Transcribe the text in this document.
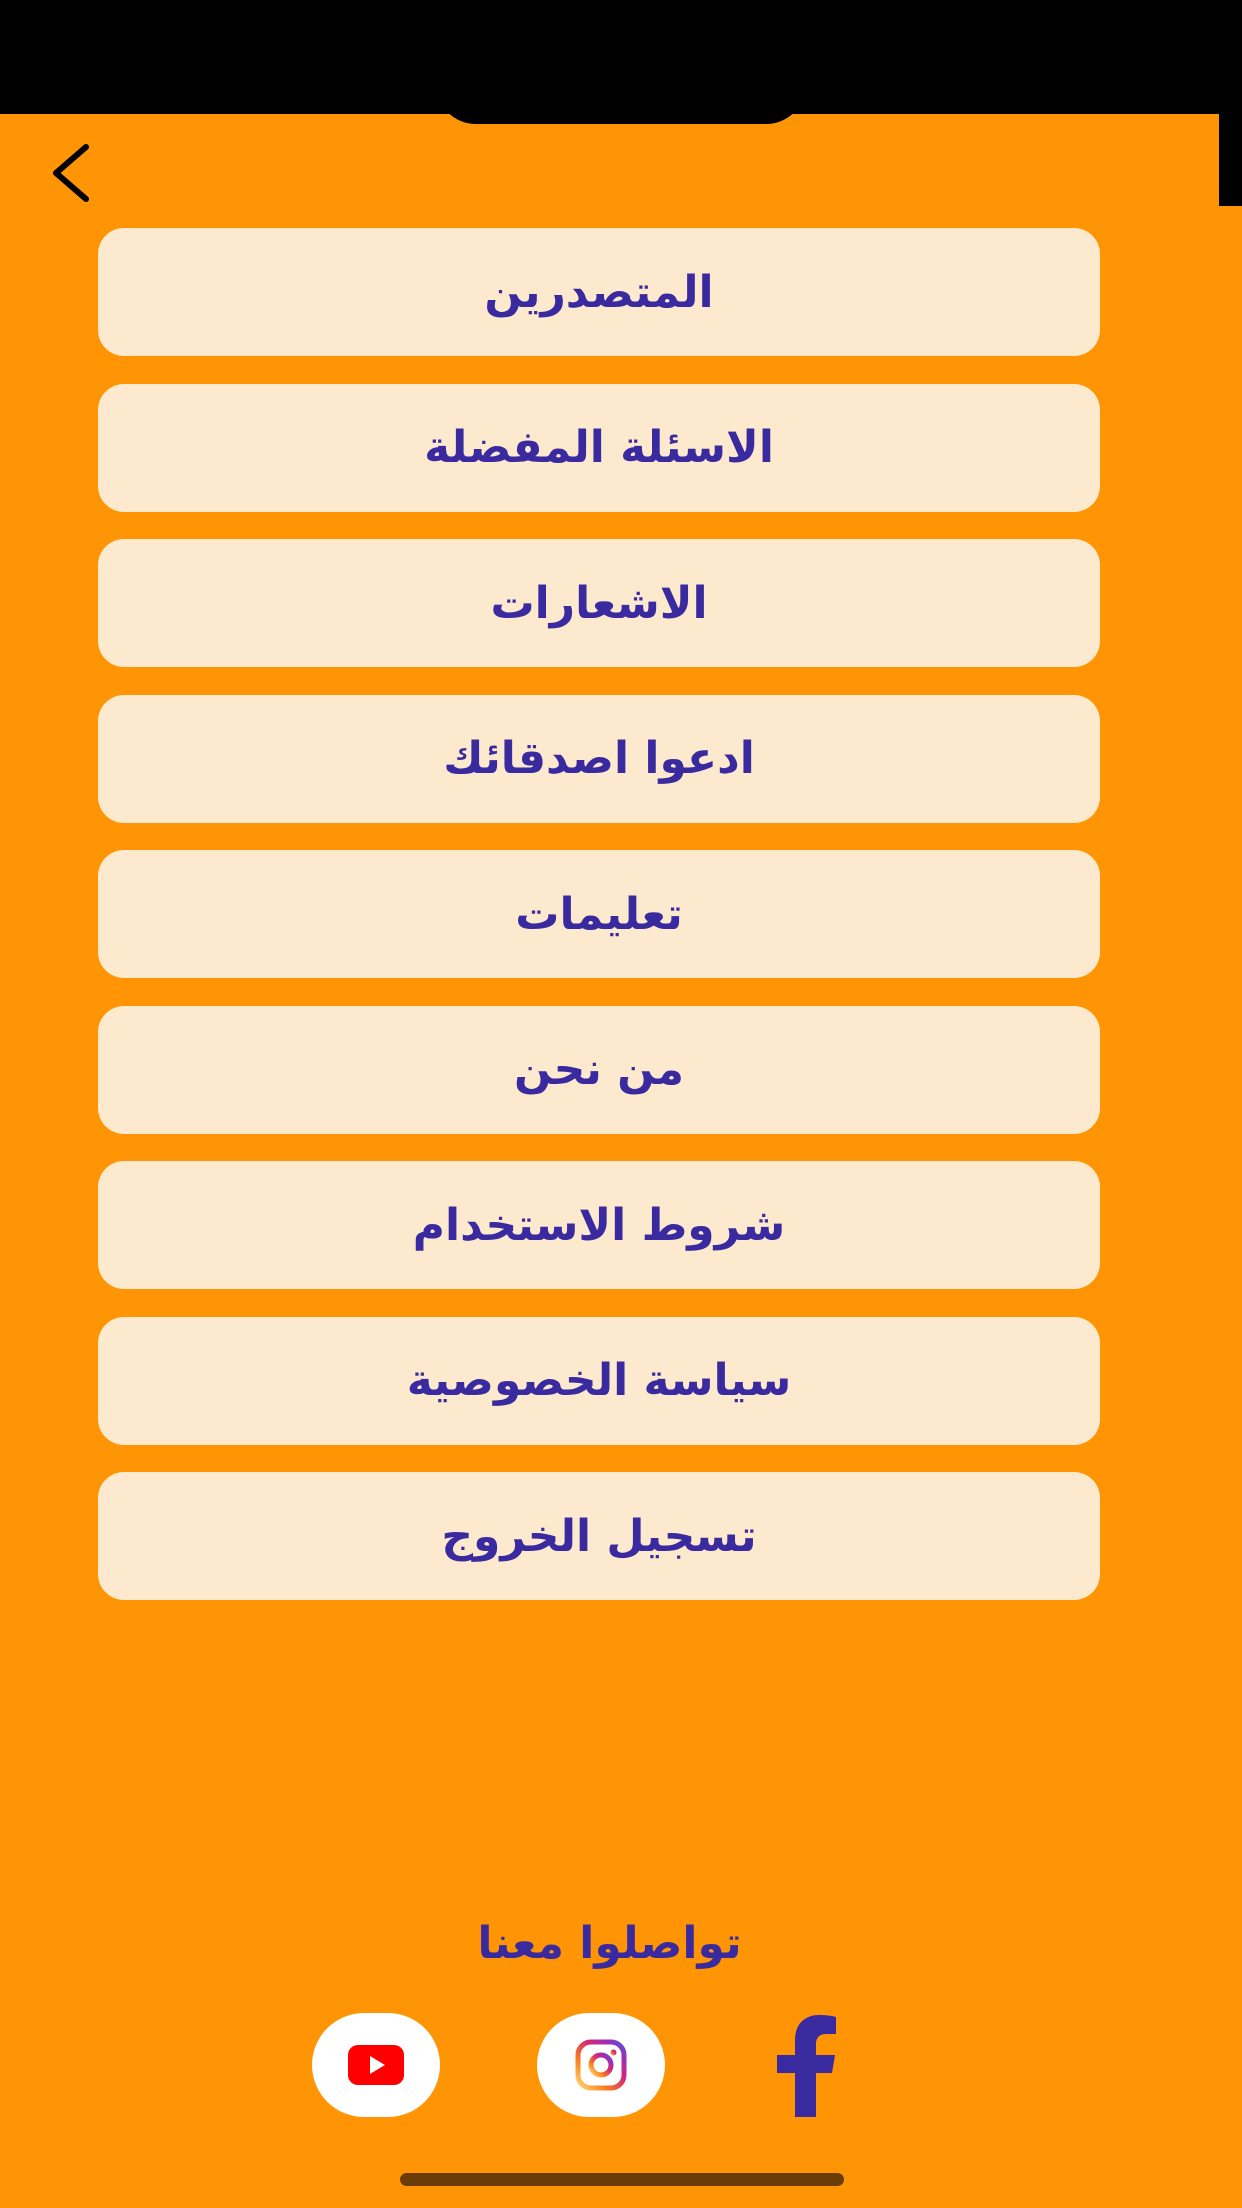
المتصدرين
الاسئلة المفضلة
الاشعارات
ادعوا اصدقائك
تعليمات
من نحن
شروط الاستخدام
سياسة الخصوصية
تسجيل الخروج
تواصلوا معنا
